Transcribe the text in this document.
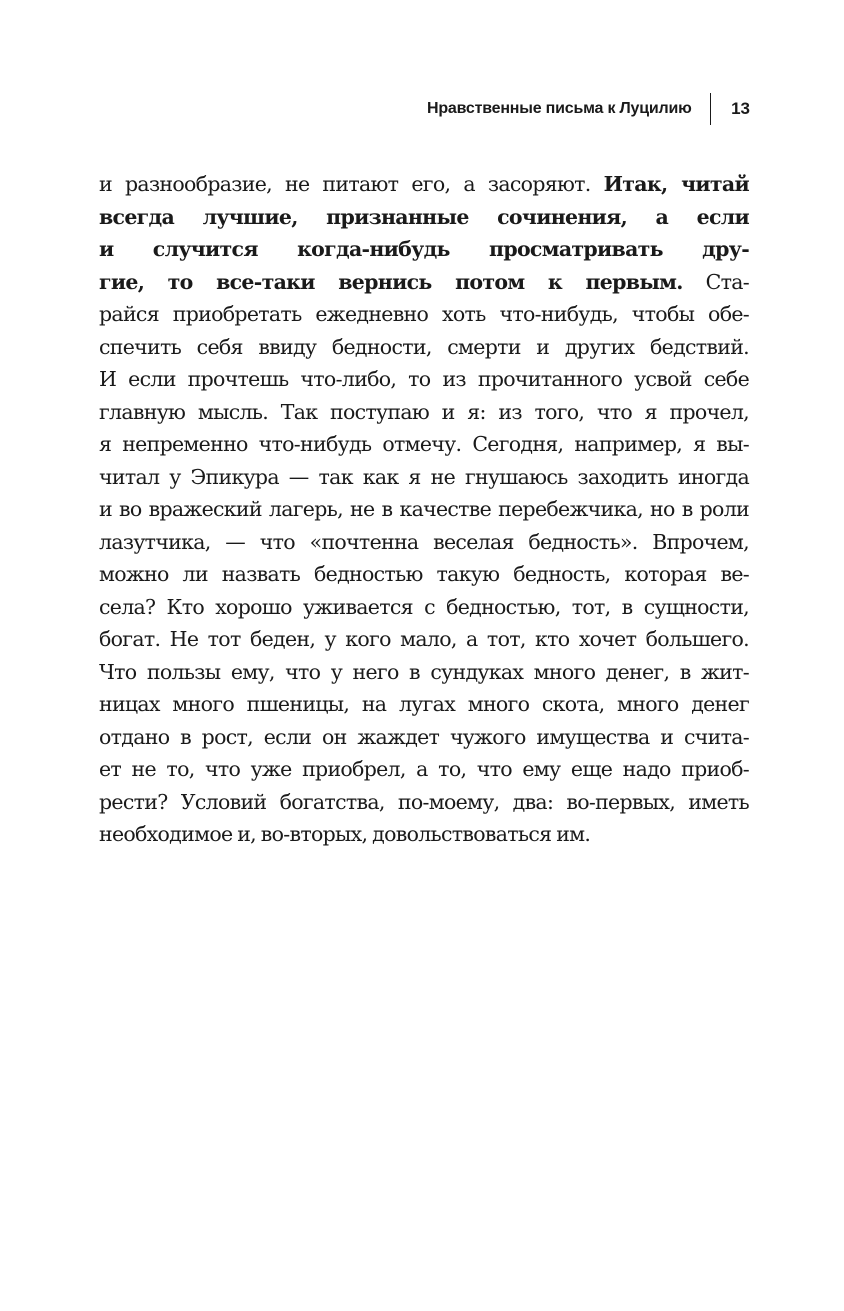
Нравственные письма к Луцилию 13
и разнообразие, не питают его, а засоряют. Итак, читай
всегда лучшие, признанные сочинения, а если
и случится когда-нибудь просматривать дру-
гие, то все-таки вернись потом к первым. Ста-
райся приобретать ежедневно хоть что-нибудь, чтобы обе-
спечить себя ввиду бедности, смерти и других бедствий.
И если прочтешь что-либо, то из прочитанного усвой себе
главную мысль. Так поступаю и я: из того, что я прочел,
я непременно что-нибудь отмечу. Сегодня, например, я вы-
читал у Эпикура — так как я не гнушаюсь заходить иногда
и во вражеский лагерь, не в качестве перебежчика, но в роли
лазутчика, — что «почтенна веселая бедность». Впрочем,
можно ли назвать бедностью такую бедность, которая ве-
села? Кто хорошо уживается с бедностью, тот, в сущности,
богат. Не тот беден, у кого мало, а тот, кто хочет большего.
Что пользы ему, что у него в сундуках много денег, в жит-
ницах много пшеницы, на лугах много скота, много денег
отдано в рост, если он жаждет чужого имущества и счита-
ет не то, что уже приобрел, а то, что ему еще надо приоб-
рести? Условий богатства, по-моему, два: во-первых, иметь
необходимое и, во-вторых, довольствоваться им.
